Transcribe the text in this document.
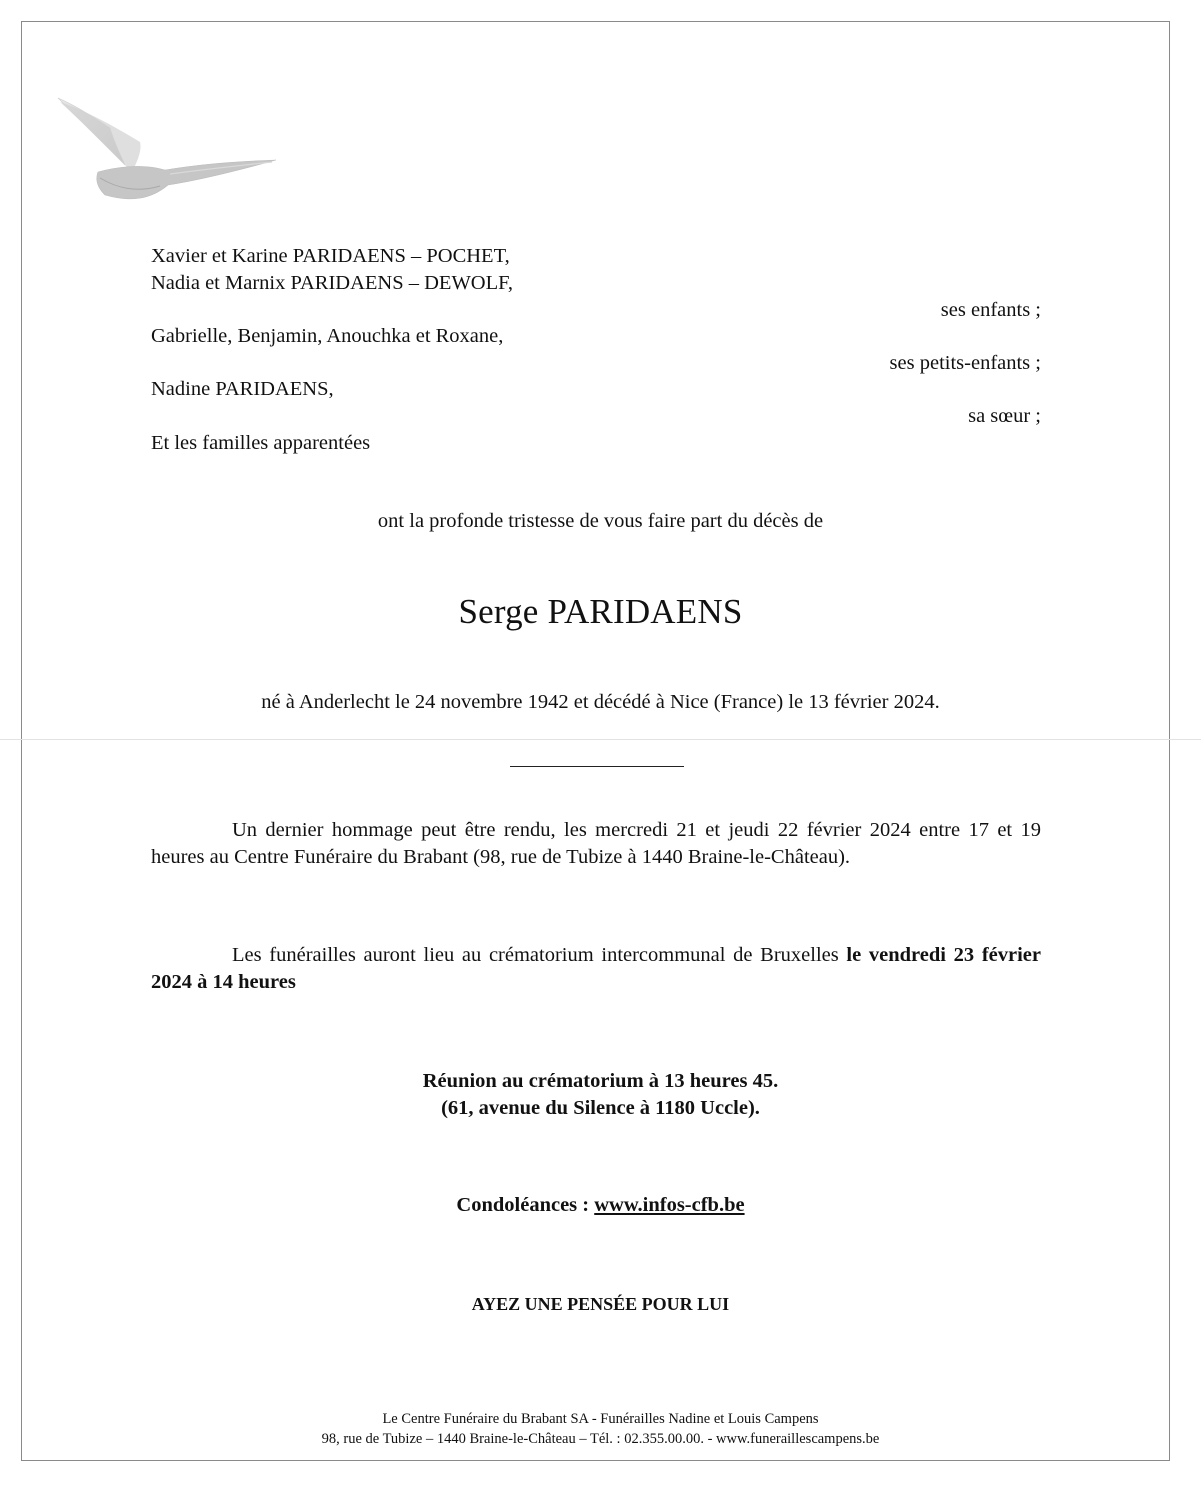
Xavier et Karine PARIDAENS – POCHET,

Nadia et Marnix PARIDAENS – DEWOLF,

ses enfants ;

Gabrielle, Benjamin, Anouchka et Roxane,

ses petits-enfants ;

Nadine PARIDAENS,

sa sœur ;

Et les familles apparentées

ont la profonde tristesse de vous faire part du décès de

Serge PARIDAENS

né à Anderlecht le 24 novembre 1942 et décédé à Nice (France) le 13 février 2024.

Un dernier hommage peut être rendu, les mercredi 21 et jeudi 22 février 2024 entre 17 et 19 heures au Centre Funéraire du Brabant (98, rue de Tubize à 1440 Braine-le-Château).

Les funérailles auront lieu au crématorium intercommunal de Bruxelles le vendredi 23 février 2024 à 14 heures

Réunion au crématorium à 13 heures 45.

(61, avenue du Silence à 1180 Uccle).

Condoléances : www.infos-cfb.be

AYEZ UNE PENSÉE POUR LUI

Le Centre Funéraire du Brabant SA - Funérailles Nadine et Louis Campens

98, rue de Tubize – 1440 Braine-le-Château – Tél. : 02.355.00.00. - www.funeraillescampens.be
